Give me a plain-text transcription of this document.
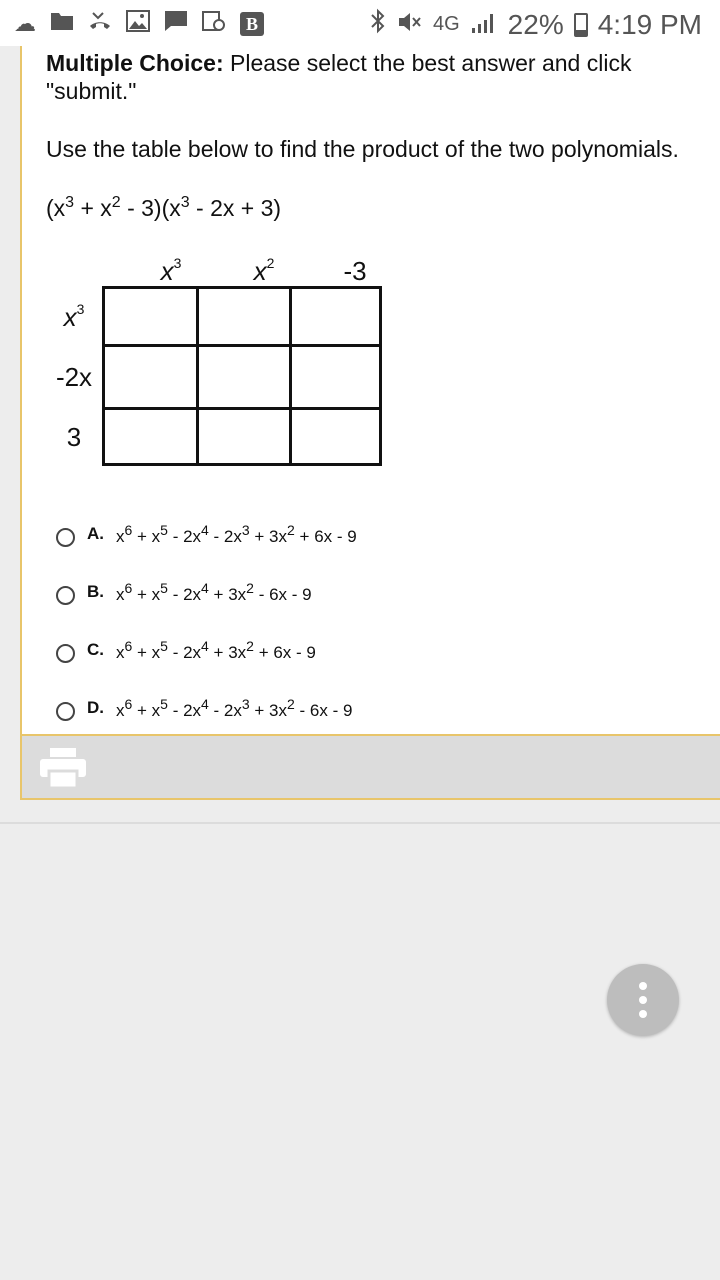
☁	B	4G 22% 4:19 PM

Multiple Choice: Please select the best answer and click "submit."

Use the table below to find the product of the two polynomials.

$(x^3 + x^2 - 3)(x^3 - 2x + 3)$

$x^3$	$x^2$	-3
$x^3$
-2x
3
A. $x^6 + x^5 - 2x^4 - 2x^3 + 3x^2 + 6x - 9$
B. $x^6 + x^5 - 2x^4 + 3x^2 - 6x - 9$
C. $x^6 + x^5 - 2x^4 + 3x^2 + 6x - 9$
D. $x^6 + x^5 - 2x^4 - 2x^3 + 3x^2 - 6x - 9$
